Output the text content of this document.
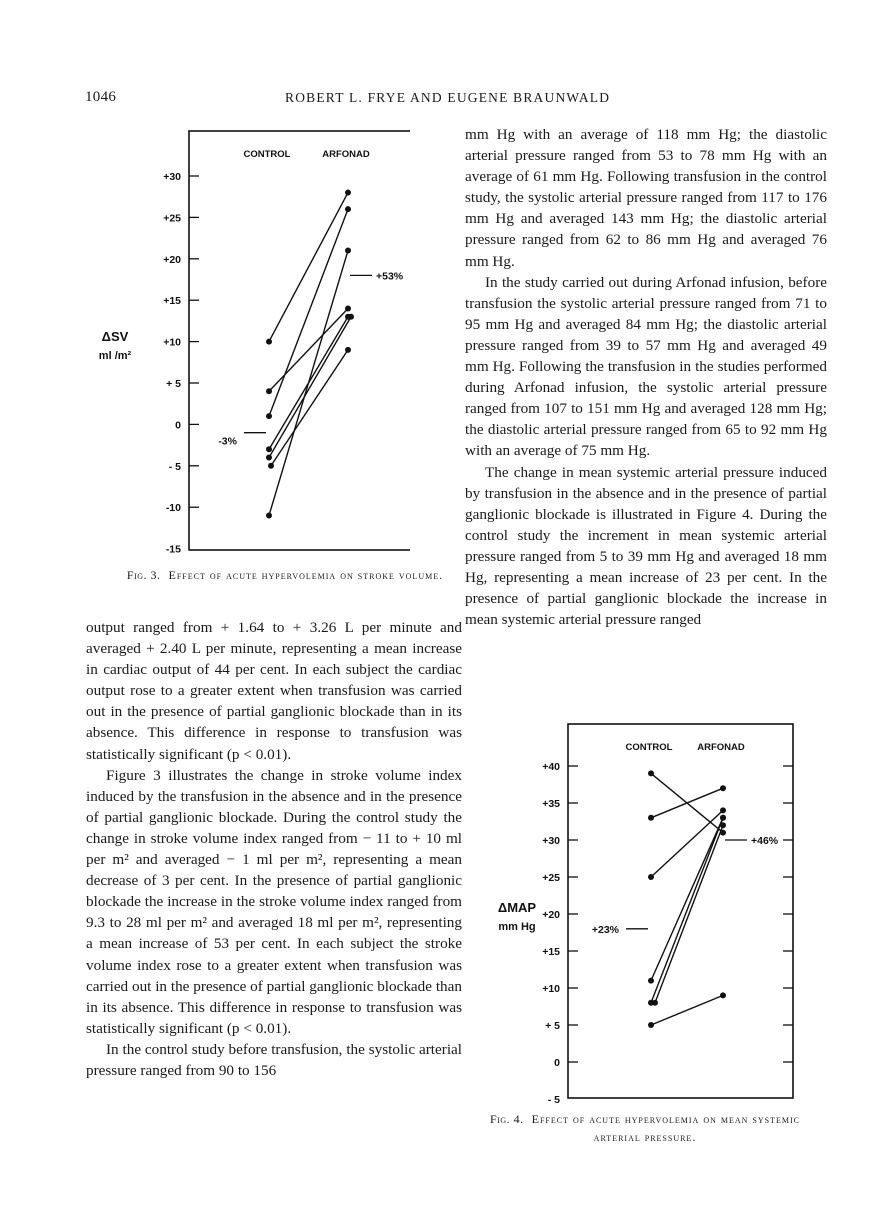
1046	ROBERT L. FRYE AND EUGENE BRAUNWALD
+30
+25
+20
+15
+10
+ 5
0
- 5
-10
-15
CONTROL	ARFONAD
ΔSV
ml /m²
-3%
+53%
Fig. 3. Effect of acute hypervolemia on stroke volume.
+40
+35
+30
+25
+20
+15
+10
+ 5
0
- 5
CONTROL	ARFONAD
ΔMAP
mm Hg	+23%
+46%
Fig. 4. Effect of acute hypervolemia on mean systemic arterial pressure.

output ranged from + 1.64 to + 3.26 L per minute and averaged + 2.40 L per minute, representing a mean increase in cardiac output of 44 per cent. In each subject the cardiac output rose to a greater extent when transfusion was carried out in the presence of partial ganglionic blockade than in its absence. This difference in response to transfusion was statistically significant (p < 0.01).

Figure 3 illustrates the change in stroke volume index induced by the transfusion in the absence and in the presence of partial ganglionic blockade. During the control study the change in stroke volume index ranged from − 11 to + 10 ml per m² and averaged − 1 ml per m², representing a mean decrease of 3 per cent. In the presence of partial ganglionic blockade the increase in the stroke volume index ranged from 9.3 to 28 ml per m² and averaged 18 ml per m², representing a mean increase of 53 per cent. In each subject the stroke volume index rose to a greater extent when transfusion was carried out in the presence of partial ganglionic blockade than in its absence. This difference in response to transfusion was statistically significant (p < 0.01).

In the control study before transfusion, the systolic arterial pressure ranged from 90 to 156

mm Hg with an average of 118 mm Hg; the diastolic arterial pressure ranged from 53 to 78 mm Hg with an average of 61 mm Hg. Following transfusion in the control study, the systolic arterial pressure ranged from 117 to 176 mm Hg and averaged 143 mm Hg; the diastolic arterial pressure ranged from 62 to 86 mm Hg and averaged 76 mm Hg.

In the study carried out during Arfonad infusion, before transfusion the systolic arterial pressure ranged from 71 to 95 mm Hg and averaged 84 mm Hg; the diastolic arterial pressure ranged from 39 to 57 mm Hg and averaged 49 mm Hg. Following the transfusion in the studies performed during Arfonad infusion, the systolic arterial pressure ranged from 107 to 151 mm Hg and averaged 128 mm Hg; the diastolic arterial pressure ranged from 65 to 92 mm Hg with an average of 75 mm Hg.

The change in mean systemic arterial pressure induced by transfusion in the absence and in the presence of partial ganglionic blockade is illustrated in Figure 4. During the control study the increment in mean systemic arterial pressure ranged from 5 to 39 mm Hg and averaged 18 mm Hg, representing a mean increase of 23 per cent. In the presence of partial ganglionic blockade the increase in mean systemic arterial pressure ranged
